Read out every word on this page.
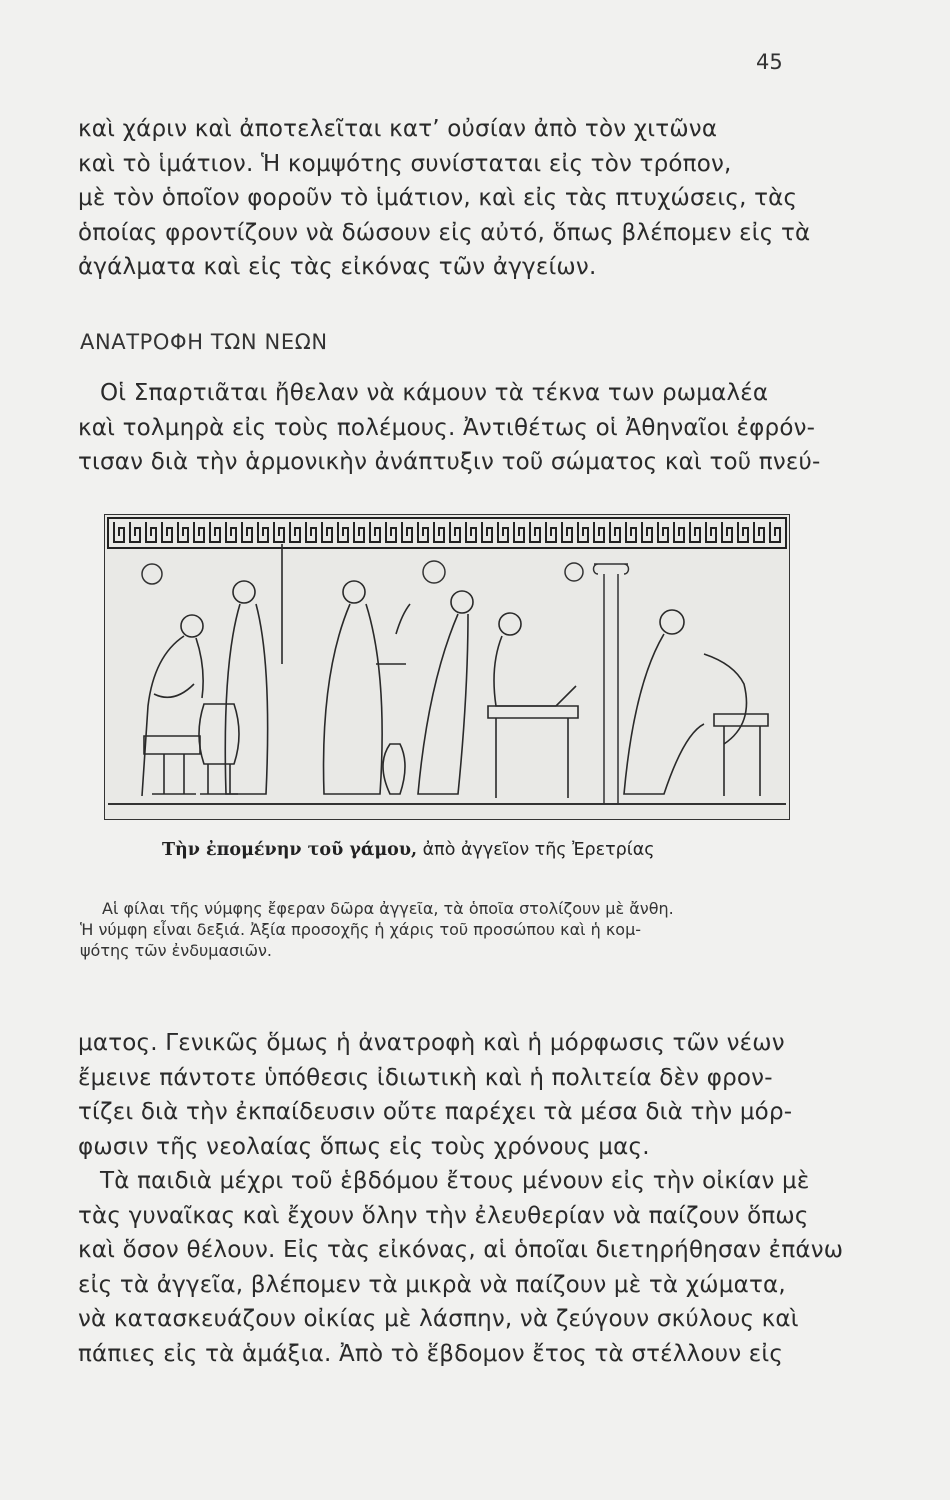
45
καὶ χάριν καὶ ἀποτελεῖται κατ’ οὐσίαν ἀπὸ τὸν χιτῶνα
καὶ τὸ ἱμάτιον. Ἡ κομψότης συνίσταται εἰς τὸν τρόπον,
μὲ τὸν ὁποῖον φοροῦν τὸ ἱμάτιον, καὶ εἰς τὰς πτυχώσεις, τὰς
ὁποίας φροντίζουν νὰ δώσουν εἰς αὐτό, ὅπως βλέπομεν εἰς τὰ
ἀγάλματα καὶ εἰς τὰς εἰκόνας τῶν ἀγγείων.
ΑΝΑΤΡΟΦΗ ΤΩΝ ΝΕΩΝ
Οἱ Σπαρτιᾶται ἤθελαν νὰ κάμουν τὰ τέκνα των ρωμαλέα
καὶ τολμηρὰ εἰς τοὺς πολέμους. Ἀντιθέτως οἱ Ἀθηναῖοι ἐφρόν-
τισαν διὰ τὴν ἁρμονικὴν ἀνάπτυξιν τοῦ σώματος καὶ τοῦ πνεύ-
Τὴν ἐπομένην τοῦ γάμου, ἀπὸ ἀγγεῖον τῆς Ἐρετρίας
Αἱ φίλαι τῆς νύμφης ἔφεραν δῶρα ἀγγεῖα, τὰ ὁποῖα στολίζουν μὲ ἄνθη.
Ἡ νύμφη εἶναι δεξιά. Ἀξία προσοχῆς ἡ χάρις τοῦ προσώπου καὶ ἡ κομ-
ψότης τῶν ἐνδυμασιῶν.
ματος. Γενικῶς ὅμως ἡ ἀνατροφὴ καὶ ἡ μόρφωσις τῶν νέων
ἔμεινε πάντοτε ὑπόθεσις ἰδιωτικὴ καὶ ἡ πολιτεία δὲν φρον-
τίζει διὰ τὴν ἐκπαίδευσιν οὔτε παρέχει τὰ μέσα διὰ τὴν μόρ-
φωσιν τῆς νεολαίας ὅπως εἰς τοὺς χρόνους μας.
Τὰ παιδιὰ μέχρι τοῦ ἑβδόμου ἔτους μένουν εἰς τὴν οἰκίαν μὲ
τὰς γυναῖκας καὶ ἔχουν ὅλην τὴν ἐλευθερίαν νὰ παίζουν ὅπως
καὶ ὅσον θέλουν. Εἰς τὰς εἰκόνας, αἱ ὁποῖαι διετηρήθησαν ἐπάνω
εἰς τὰ ἀγγεῖα, βλέπομεν τὰ μικρὰ νὰ παίζουν μὲ τὰ χώματα,
νὰ κατασκευάζουν οἰκίας μὲ λάσπην, νὰ ζεύγουν σκύλους καὶ
πάπιες εἰς τὰ ἁμάξια. Ἀπὸ τὸ ἕβδομον ἔτος τὰ στέλλουν εἰς
